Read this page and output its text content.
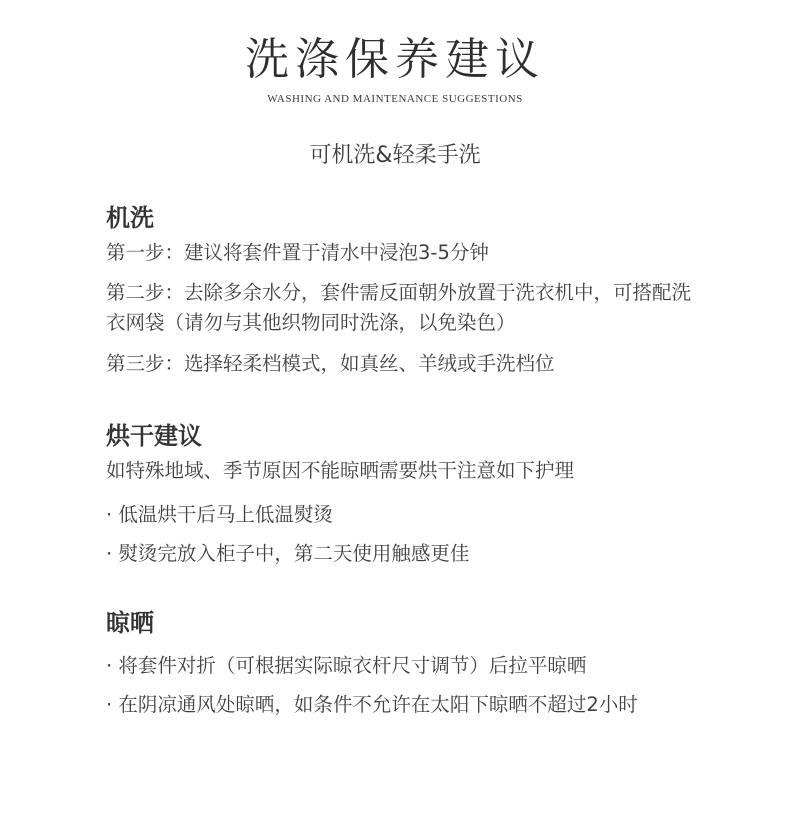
洗涤保养建议
WASHING AND MAINTENANCE SUGGESTIONS
可机洗&轻柔手洗
机洗
第一步：建议将套件置于清水中浸泡3-5分钟
第二步：去除多余水分，套件需反面朝外放置于洗衣机中，可搭配洗衣网袋（请勿与其他织物同时洗涤，以免染色）
第三步：选择轻柔档模式，如真丝、羊绒或手洗档位
烘干建议
如特殊地域、季节原因不能晾晒需要烘干注意如下护理
· 低温烘干后马上低温熨烫
· 熨烫完放入柜子中，第二天使用触感更佳
晾晒
· 将套件对折（可根据实际晾衣杆尺寸调节）后拉平晾晒
· 在阴凉通风处晾晒，如条件不允许在太阳下晾晒不超过2小时
